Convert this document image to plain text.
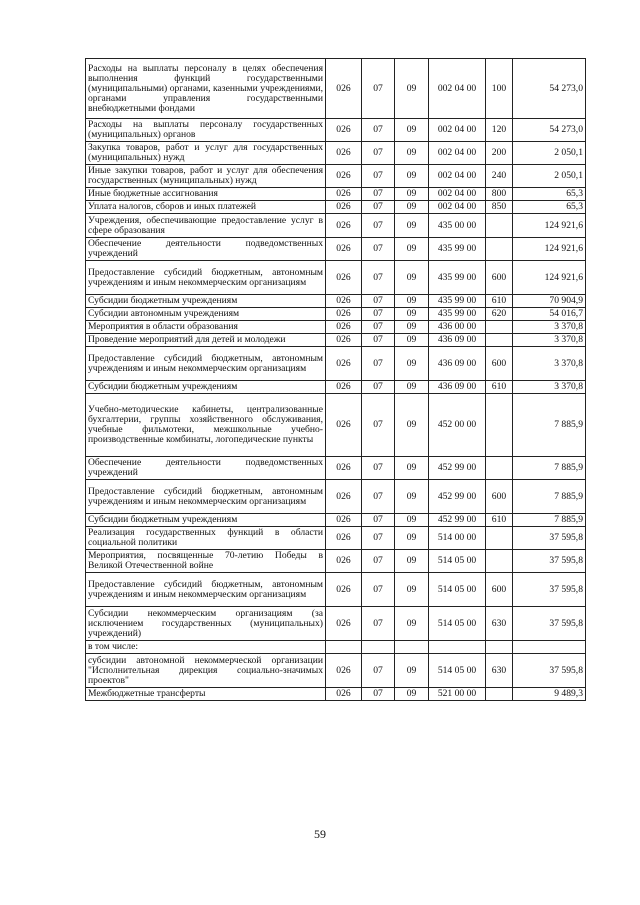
Расходы на выплаты персоналу в целях обеспечения выполнения функций государственными (муниципальными) органами, казенными учреждениями, органами управления государственными внебюджетными фондами	026	07	09	002 04 00	100	54 273,0
Расходы на выплаты персоналу государственных (муниципальных) органов	026	07	09	002 04 00	120	54 273,0
Закупка товаров, работ и услуг для государственных (муниципальных) нужд	026	07	09	002 04 00	200	2 050,1
Иные закупки товаров, работ и услуг для обеспечения государственных (муниципальных) нужд	026	07	09	002 04 00	240	2 050,1
Иные бюджетные ассигнования	026	07	09	002 04 00	800	65,3
Уплата налогов, сборов и иных платежей	026	07	09	002 04 00	850	65,3
Учреждения, обеспечивающие предоставление услуг в сфере образования	026	07	09	435 00 00		124 921,6
Обеспечение деятельности подведомственных учреждений	026	07	09	435 99 00		124 921,6
Предоставление субсидий бюджетным, автономным учреждениям и иным некоммерческим организациям	026	07	09	435 99 00	600	124 921,6
Субсидии бюджетным учреждениям	026	07	09	435 99 00	610	70 904,9
Субсидии автономным учреждениям	026	07	09	435 99 00	620	54 016,7
Мероприятия в области образования	026	07	09	436 00 00		3 370,8
Проведение мероприятий для детей и молодежи	026	07	09	436 09 00		3 370,8
Предоставление субсидий бюджетным, автономным учреждениям и иным некоммерческим организациям	026	07	09	436 09 00	600	3 370,8
Субсидии бюджетным учреждениям	026	07	09	436 09 00	610	3 370,8
Учебно-методические кабинеты, централизованные бухгалтерии, группы хозяйственного обслуживания, учебные фильмотеки, межшкольные учебно-производственные комбинаты, логопедические пункты	026	07	09	452 00 00		7 885,9
Обеспечение деятельности подведомственных учреждений	026	07	09	452 99 00		7 885,9
Предоставление субсидий бюджетным, автономным учреждениям и иным некоммерческим организациям	026	07	09	452 99 00	600	7 885,9
Субсидии бюджетным учреждениям	026	07	09	452 99 00	610	7 885,9
Реализация государственных функций в области социальной политики	026	07	09	514 00 00		37 595,8
Мероприятия, посвященные 70-летию Победы в Великой Отечественной войне	026	07	09	514 05 00		37 595,8
Предоставление субсидий бюджетным, автономным учреждениям и иным некоммерческим организациям	026	07	09	514 05 00	600	37 595,8
Субсидии некоммерческим организациям (за исключением государственных (муниципальных) учреждений)	026	07	09	514 05 00	630	37 595,8
в том числе:						
субсидии автономной некоммерческой организации "Исполнительная дирекция социально-значимых проектов"	026	07	09	514 05 00	630	37 595,8
Межбюджетные трансферты	026	07	09	521 00 00		9 489,3
59
